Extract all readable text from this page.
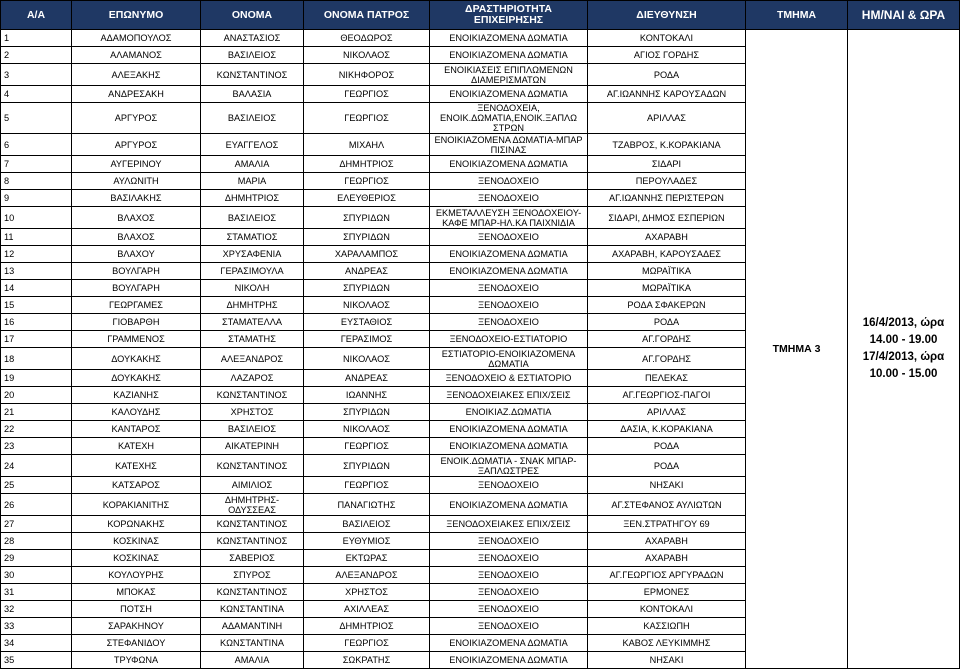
Α/Α	ΕΠΩΝΥΜΟ	ΟΝΟΜΑ	ΟΝΟΜΑ ΠΑΤΡΟΣ	ΔΡΑΣΤΗΡΙΟΤΗΤΑ ΕΠΙΧΕΙΡΗΣΗΣ	ΔΙΕΥΘΥΝΣΗ	ΤΜΗΜΑ	ΗΜ/ΝΑΙ & ΩΡΑ
1	ΑΔΑΜΟΠΟΥΛΟΣ	ΑΝΑΣΤΑΣΙΟΣ	ΘΕΟΔΩΡΟΣ	ΕΝΟΙΚΙΑΖΟΜΕΝΑ ΔΩΜΑΤΙΑ	ΚΟΝΤΟΚΑΛΙ	ΤΜΗΜΑ 3	16/4/2013, ώρα 14.00 - 19.00
17/4/2013, ώρα 10.00 - 15.00
2	ΑΛΑΜΑΝΟΣ	ΒΑΣΙΛΕΙΟΣ	ΝΙΚΟΛΑΟΣ	ΕΝΟΙΚΙΑΖΟΜΕΝΑ ΔΩΜΑΤΙΑ	ΑΓΙΟΣ ΓΟΡΔΗΣ		
3	ΑΛΕΞΑΚΗΣ	ΚΩΝΣΤΑΝΤΙΝΟΣ	ΝΙΚΗΦΟΡΟΣ	ΕΝΟΙΚΙΑΣΕΙΣ ΕΠΙΠΛΩΜΕΝΩΝ ΔΙΑΜΕΡΙΣΜΑΤΩΝ	ΡΟΔΑ		
4	ΑΝΔΡΕΣΑΚΗ	ΒΑΛΑΣΙΑ	ΓΕΩΡΓΙΟΣ	ΕΝΟΙΚΙΑΖΟΜΕΝΑ ΔΩΜΑΤΙΑ	ΑΓ.ΙΩΑΝΝΗΣ ΚΑΡΟΥΣΑΔΩΝ		
5	ΑΡΓΥΡΟΣ	ΒΑΣΙΛΕΙΟΣ	ΓΕΩΡΓΙΟΣ	ΞΕΝΟΔΟΧΕΙΑ, ΕΝΟΙΚ.ΔΩΜΑΤΙΑ,ΕΝΟΙΚ.ΞΑΠΛΩ ΣΤΡΩΝ	ΑΡΙΛΛΑΣ		
6	ΑΡΓΥΡΟΣ	ΕΥΑΓΓΕΛΟΣ	ΜΙΧΑΗΛ	ΕΝΟΙΚΙΑΖΟΜΕΝΑ ΔΩΜΑΤΙΑ-ΜΠΑΡ ΠΙΣΙΝΑΣ	ΤΖΑΒΡΟΣ, Κ.ΚΟΡΑΚΙΑΝΑ		
7	ΑΥΓΕΡΙΝΟΥ	ΑΜΑΛΙΑ	ΔΗΜΗΤΡΙΟΣ	ΕΝΟΙΚΙΑΖΟΜΕΝΑ ΔΩΜΑΤΙΑ	ΣΙΔΑΡΙ		
8	ΑΥΛΩΝΙΤΗ	ΜΑΡΙΑ	ΓΕΩΡΓΙΟΣ	ΞΕΝΟΔΟΧΕΙΟ	ΠΕΡΟΥΛΑΔΕΣ		
9	ΒΑΣΙΛΑΚΗΣ	ΔΗΜΗΤΡΙΟΣ	ΕΛΕΥΘΕΡΙΟΣ	ΞΕΝΟΔΟΧΕΙΟ	ΑΓ.ΙΩΑΝΝΗΣ ΠΕΡΙΣΤΕΡΩΝ		
10	ΒΛΑΧΟΣ	ΒΑΣΙΛΕΙΟΣ	ΣΠΥΡΙΔΩΝ	ΕΚΜΕΤΑΛΛΕΥΣΗ ΞΕΝΟΔΟΧΕΙΟΥ-ΚΑΦΕ ΜΠΑΡ-ΗΛ.ΚΑ ΠΑΙΧΝΙΔΙΑ	ΣΙΔΑΡΙ, ΔΗΜΟΣ ΕΣΠΕΡΙΩΝ		
11	ΒΛΑΧΟΣ	ΣΤΑΜΑΤΙΟΣ	ΣΠΥΡΙΔΩΝ	ΞΕΝΟΔΟΧΕΙΟ	ΑΧΑΡΑΒΗ		
12	ΒΛΑΧΟΥ	ΧΡΥΣΑΦΕΝΙΑ	ΧΑΡΑΛΑΜΠΟΣ	ΕΝΟΙΚΙΑΖΟΜΕΝΑ ΔΩΜΑΤΙΑ	ΑΧΑΡΑΒΗ, ΚΑΡΟΥΣΑΔΕΣ		
13	ΒΟΥΛΓΑΡΗ	ΓΕΡΑΣΙΜΟΥΛΑ	ΑΝΔΡΕΑΣ	ΕΝΟΙΚΙΑΖΟΜΕΝΑ ΔΩΜΑΤΙΑ	ΜΩΡΑΪΤΙΚΑ		
14	ΒΟΥΛΓΑΡΗ	ΝΙΚΟΛΗ	ΣΠΥΡΙΔΩΝ	ΞΕΝΟΔΟΧΕΙΟ	ΜΩΡΑΪΤΙΚΑ		
15	ΓΕΩΡΓΑΜΕΣ	ΔΗΜΗΤΡΗΣ	ΝΙΚΟΛΑΟΣ	ΞΕΝΟΔΟΧΕΙΟ	ΡΟΔΑ ΣΦΑΚΕΡΩΝ		
16	ΓΙΟΒΑΡΘΗ	ΣΤΑΜΑΤΕΛΛΑ	ΕΥΣΤΑΘΙΟΣ	ΞΕΝΟΔΟΧΕΙΟ	ΡΟΔΑ		
17	ΓΡΑΜΜΕΝΟΣ	ΣΤΑΜΑΤΗΣ	ΓΕΡΑΣΙΜΟΣ	ΞΕΝΟΔΟΧΕΙΟ-ΕΣΤΙΑΤΟΡΙΟ	ΑΓ.ΓΟΡΔΗΣ		
18	ΔΟΥΚΑΚΗΣ	ΑΛΕΞΑΝΔΡΟΣ	ΝΙΚΟΛΑΟΣ	ΕΣΤΙΑΤΟΡΙΟ-ΕΝΟΙΚΙΑΖΟΜΕΝΑ ΔΩΜΑΤΙΑ	ΑΓ.ΓΟΡΔΗΣ		
19	ΔΟΥΚΑΚΗΣ	ΛΑΖΑΡΟΣ	ΑΝΔΡΕΑΣ	ΞΕΝΟΔΟΧΕΙΟ & ΕΣΤΙΑΤΟΡΙΟ	ΠΕΛΕΚΑΣ		
20	ΚΑΖΙΑΝΗΣ	ΚΩΝΣΤΑΝΤΙΝΟΣ	ΙΩΑΝΝΗΣ	ΞΕΝΟΔΟΧΕΙΑΚΕΣ ΕΠΙΧ/ΣΕΙΣ	ΑΓ.ΓΕΩΡΓΙΟΣ-ΠΑΓΟΙ		
21	ΚΑΛΟΥΔΗΣ	ΧΡΗΣΤΟΣ	ΣΠΥΡΙΔΩΝ	ΕΝΟΙΚΙΑΖ.ΔΩΜΑΤΙΑ	ΑΡΙΛΛΑΣ		
22	ΚΑΝΤΑΡΟΣ	ΒΑΣΙΛΕΙΟΣ	ΝΙΚΟΛΑΟΣ	ΕΝΟΙΚΙΑΖΟΜΕΝΑ ΔΩΜΑΤΙΑ	ΔΑΣΙΑ, Κ.ΚΟΡΑΚΙΑΝΑ		
23	ΚΑΤΕΧΗ	ΑΙΚΑΤΕΡΙΝΗ	ΓΕΩΡΓΙΟΣ	ΕΝΟΙΚΙΑΖΟΜΕΝΑ ΔΩΜΑΤΙΑ	ΡΟΔΑ		
24	ΚΑΤΕΧΗΣ	ΚΩΝΣΤΑΝΤΙΝΟΣ	ΣΠΥΡΙΔΩΝ	ΕΝΟΙΚ.ΔΩΜΑΤΙΑ - ΣΝΑΚ ΜΠΑΡ-ΞΑΠΛΩΣΤΡΕΣ	ΡΟΔΑ		
25	ΚΑΤΣΑΡΟΣ	ΑΙΜΙΛΙΟΣ	ΓΕΩΡΓΙΟΣ	ΞΕΝΟΔΟΧΕΙΟ	ΝΗΣΑΚΙ		
26	ΚΟΡΑΚΙΑΝΙΤΗΣ	ΔΗΜΗΤΡΗΣ-ΟΔΥΣΣΕΑΣ	ΠΑΝΑΓΙΩΤΗΣ	ΕΝΟΙΚΙΑΖΟΜΕΝΑ ΔΩΜΑΤΙΑ	ΑΓ.ΣΤΕΦΑΝΟΣ ΑΥΛΙΩΤΩΝ		
27	ΚΟΡΩΝΑΚΗΣ	ΚΩΝΣΤΑΝΤΙΝΟΣ	ΒΑΣΙΛΕΙΟΣ	ΞΕΝΟΔΟΧΕΙΑΚΕΣ ΕΠΙΧ/ΣΕΙΣ	ΞΕΝ.ΣΤΡΑΤΗΓΟΥ 69		
28	ΚΟΣΚΙΝΑΣ	ΚΩΝΣΤΑΝΤΙΝΟΣ	ΕΥΘΥΜΙΟΣ	ΞΕΝΟΔΟΧΕΙΟ	ΑΧΑΡΑΒΗ		
29	ΚΟΣΚΙΝΑΣ	ΣΑΒΕΡΙΟΣ	ΕΚΤΩΡΑΣ	ΞΕΝΟΔΟΧΕΙΟ	ΑΧΑΡΑΒΗ		
30	ΚΟΥΛΟΥΡΗΣ	ΣΠΥΡΟΣ	ΑΛΕΞΑΝΔΡΟΣ	ΞΕΝΟΔΟΧΕΙΟ	ΑΓ.ΓΕΩΡΓΙΟΣ ΑΡΓΥΡΑΔΩΝ		
31	ΜΠΟΚΑΣ	ΚΩΝΣΤΑΝΤΙΝΟΣ	ΧΡΗΣΤΟΣ	ΞΕΝΟΔΟΧΕΙΟ	ΕΡΜΟΝΕΣ		
32	ΠΟΤΣΗ	ΚΩΝΣΤΑΝΤΙΝΑ	ΑΧΙΛΛΕΑΣ	ΞΕΝΟΔΟΧΕΙΟ	ΚΟΝΤΟΚΑΛΙ		
33	ΣΑΡΑΚΗΝΟΥ	ΑΔΑΜΑΝΤΙΝΗ	ΔΗΜΗΤΡΙΟΣ	ΞΕΝΟΔΟΧΕΙΟ	ΚΑΣΣΙΩΠΗ		
34	ΣΤΕΦΑΝΙΔΟΥ	ΚΩΝΣΤΑΝΤΙΝΑ	ΓΕΩΡΓΙΟΣ	ΕΝΟΙΚΙΑΖΟΜΕΝΑ ΔΩΜΑΤΙΑ	ΚΑΒΟΣ ΛΕΥΚΙΜΜΗΣ		
35	ΤΡΥΦΩΝΑ	ΑΜΑΛΙΑ	ΣΩΚΡΑΤΗΣ	ΕΝΟΙΚΙΑΖΟΜΕΝΑ ΔΩΜΑΤΙΑ	ΝΗΣΑΚΙ		
